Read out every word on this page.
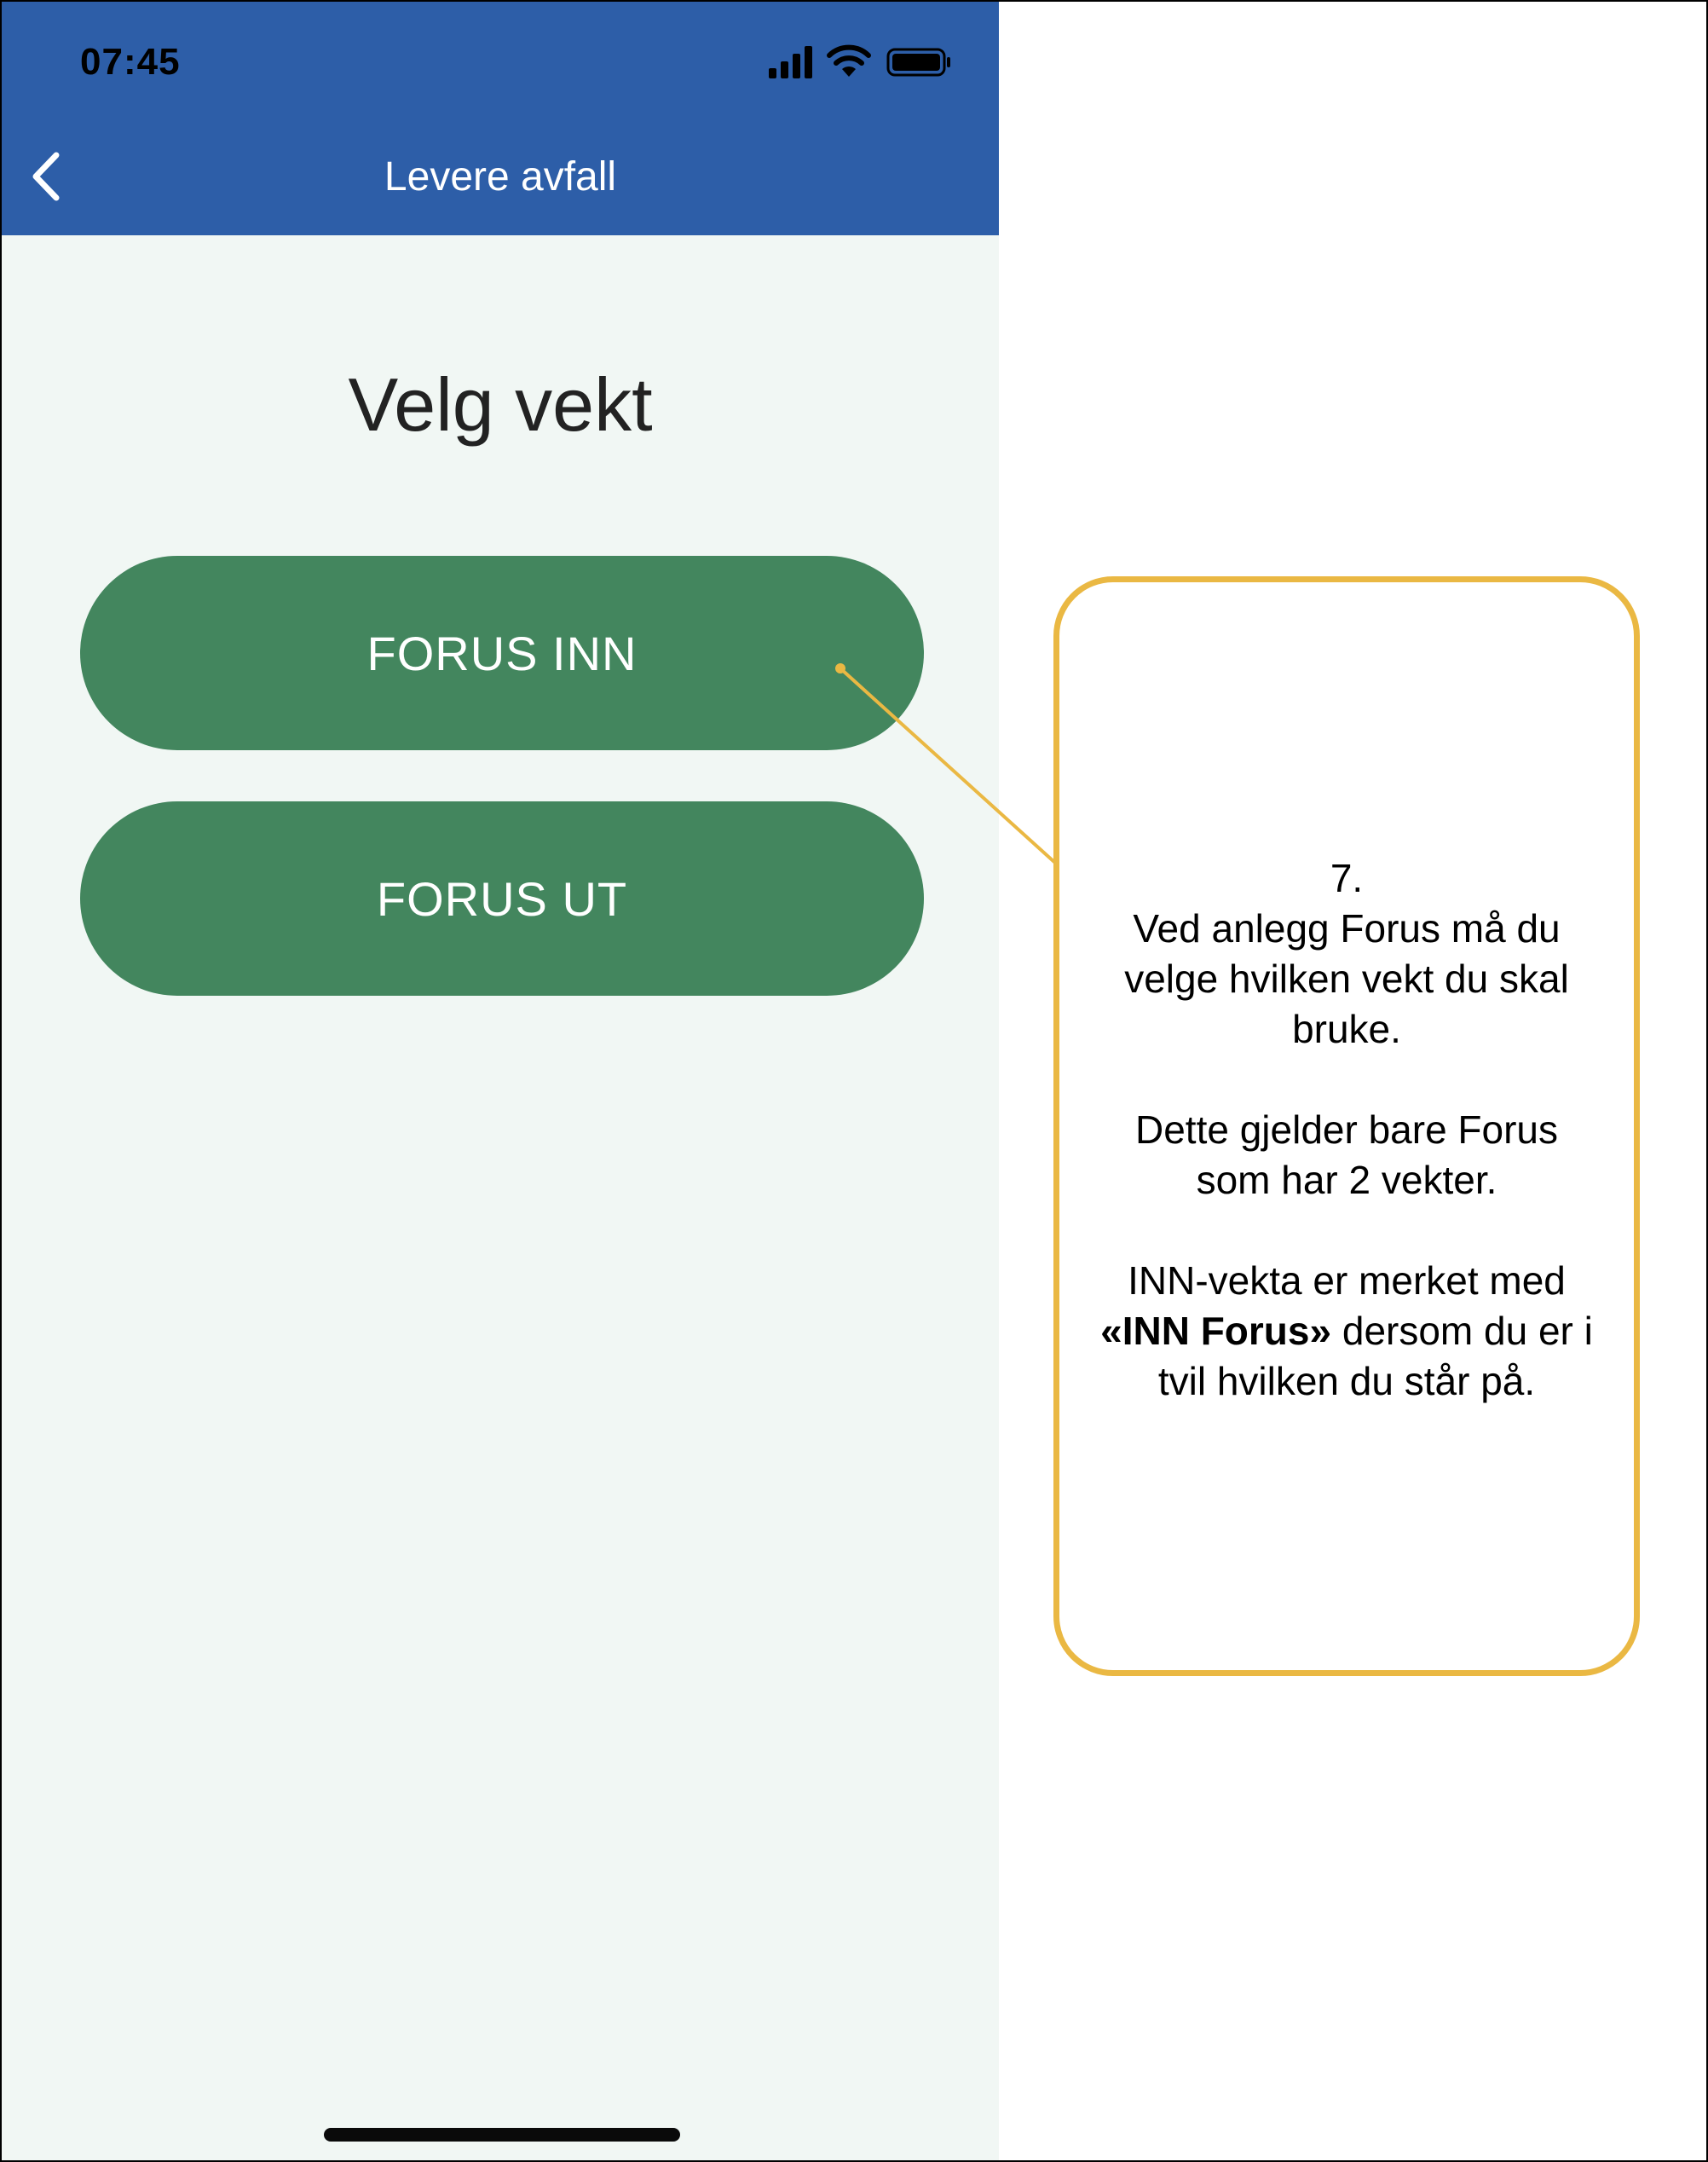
07:45
Levere avfall
Velg vekt
FORUS INN
FORUS UT	7.

Ved anlegg Forus må du velge hvilken vekt du skal bruke.

Dette gjelder bare Forus som har 2 vekter.

INN-vekta er merket med «INN Forus» dersom du er i tvil hvilken du står på.
